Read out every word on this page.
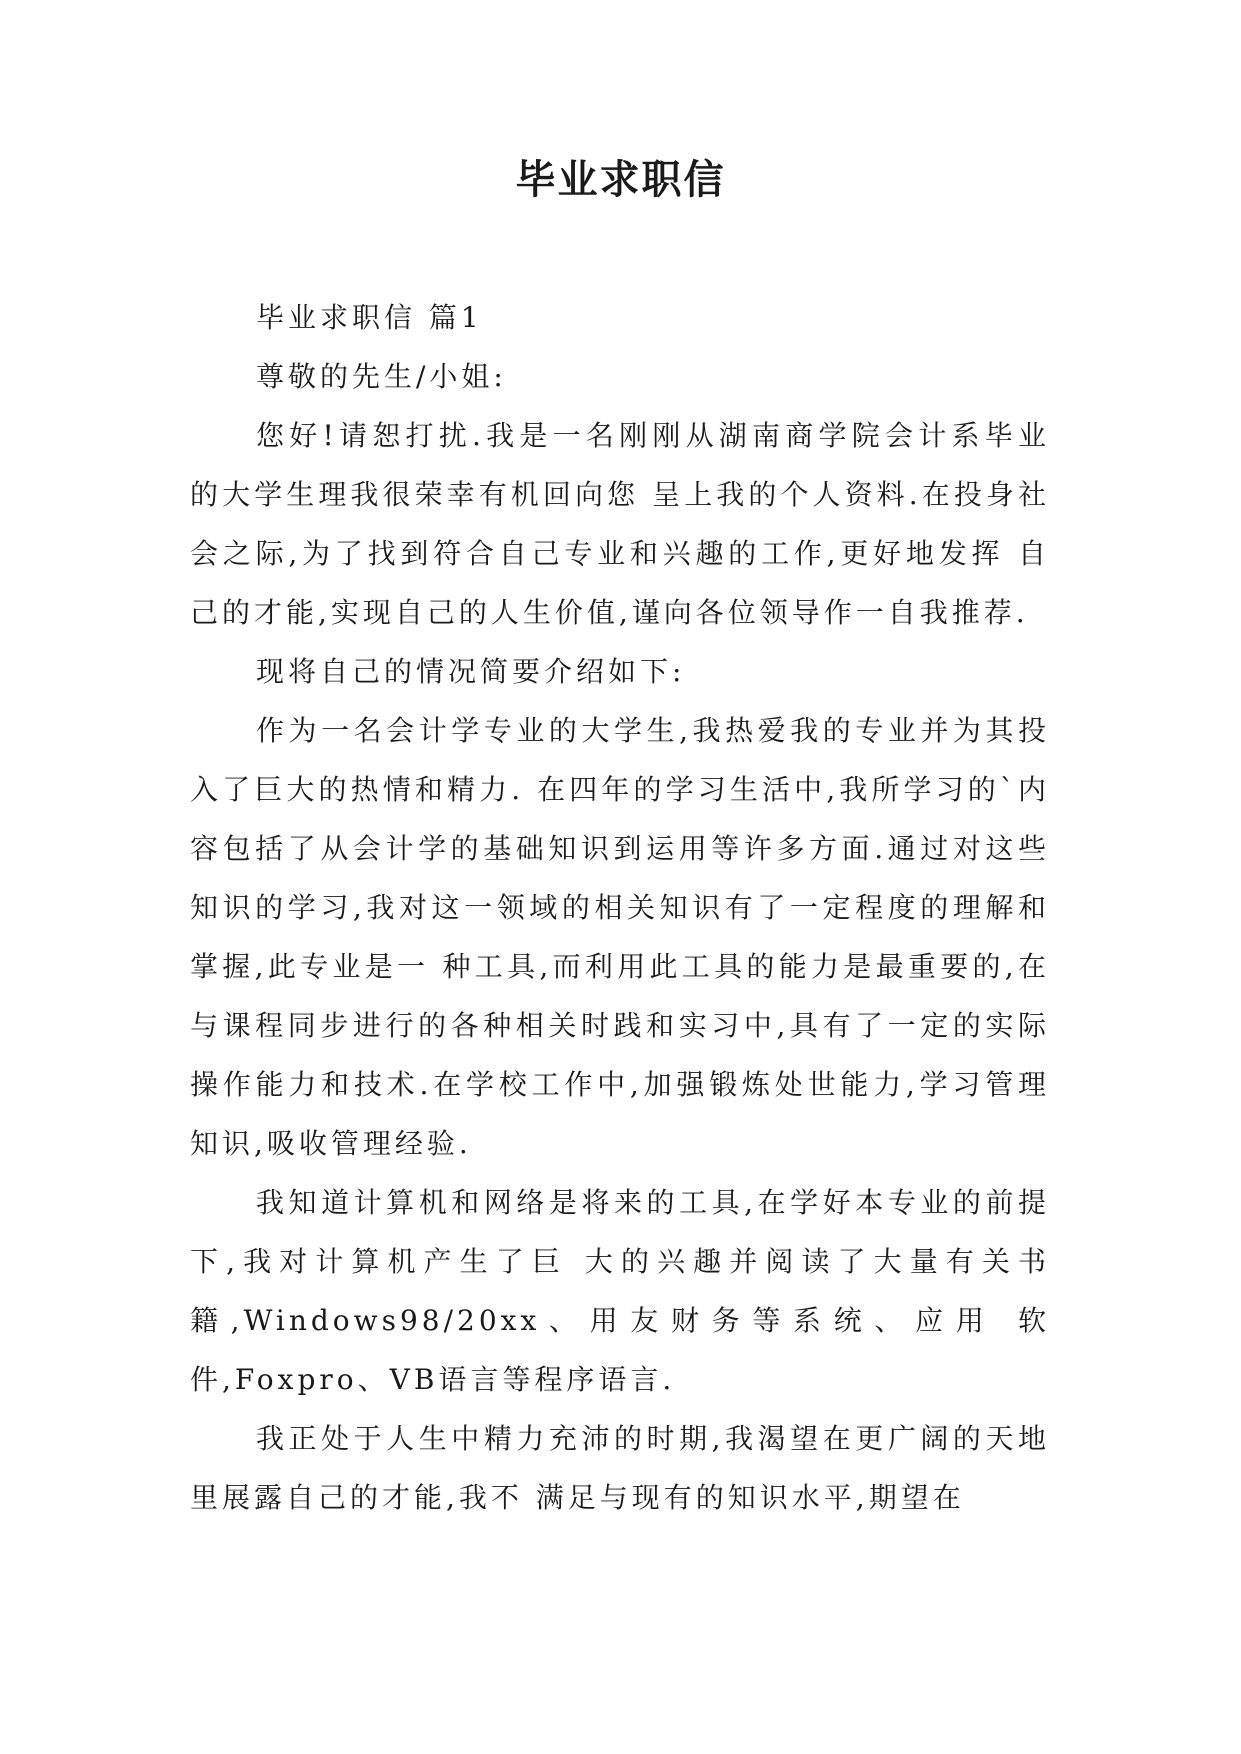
毕业求职信

毕业求职信 篇1

尊敬的先生/小姐:

您好!请恕打扰.我是一名刚刚从湖南商学院会计系毕业的大学生理我很荣幸有机回向您 呈上我的个人资料.在投身社会之际,为了找到符合自己专业和兴趣的工作,更好地发挥 自己的才能,实现自己的人生价值,谨向各位领导作一自我推荐.

现将自己的情况简要介绍如下:

作为一名会计学专业的大学生,我热爱我的专业并为其投入了巨大的热情和精力. 在四年的学习生活中,我所学习的`内容包括了从会计学的基础知识到运用等许多方面.通过对这些知识的学习,我对这一领域的相关知识有了一定程度的理解和掌握,此专业是一 种工具,而利用此工具的能力是最重要的,在与课程同步进行的各种相关时践和实习中,具有了一定的实际操作能力和技术.在学校工作中,加强锻炼处世能力,学习管理知识,吸收管理经验.

我知道计算机和网络是将来的工具,在学好本专业的前提下,我对计算机产生了巨 大的兴趣并阅读了大量有关书籍,Windows98/20xx、用友财务等系统、应用 软件,Foxpro、VB语言等程序语言.

我正处于人生中精力充沛的时期,我渴望在更广阔的天地里展露自己的才能,我不 满足与现有的知识水平,期望在
